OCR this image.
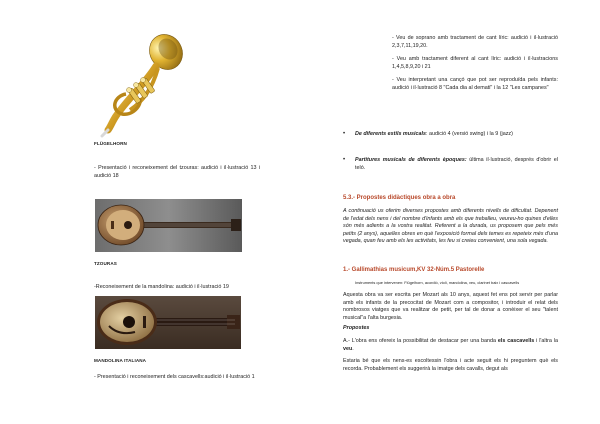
FLÜGELHORN

- Presentació i reconeixement del tzouras: audició i il·lustració 13 i audició 18

TZOURAS

-Reconeixement de la mandolina: audició i il·lustració 19

MANDOLINA ITALIANA

- Presentació i reconeixement dels cascavells:audició i il·lustració 1

- Veu de soprano amb tractament de cant líric: audició i il·lustració 2,3,7,11,19,20.

- Veu amb tractament diferent al cant líric: audició i il·lustracions 1,4,5,8,9,20 i 21

- Veu interpretant una cançó que pot ser reproduïda pels infants: audició i il·lustració 8 "Cada dia al demati" i la 12 "Les campanes"

• De diferents estils musicals: audició 4 (versió swing) i la 9 (jazz)

• Partitures musicals de diferents èpoques: última il·lustració, després d'obrir el teló.

5.3.- Propostes didàctiques obra a obra

A continuació us oferim diverses propostes amb diferents nivells de dificultat. Depenent de l'edat dels nens i del nombre d'infants amb els que treballeu, veureu-ho quines d'elles són més adients a la vostra realitat. Referent a la durada, us proposem que pels més petits (2 anys), aquelles obres en què l'exposició formal dels temes es repeteix més d'una vegada, quan feu amb els les activitats, les feu si creieu convenient, una sola vegada.

1.- Gallimathias musicum,KV 32-Núm.5 Pastorelle
Instruments que intervenen: Flügelhorn, acordió, violí, mandolina, veu, clarinet baix i cascavells

Aquesta obra va ser escrita per Mozart als 10 anys, aquest fet ens pot servir per parlar amb els infants de la precocitat de Mozart com a compositor, i introduir el relat dels nombrosos viatges que va realitzar de petit, per tal de donar a conèixer el seu "talent musical"a l'alta burgesia.

Propostes

A.- L'obra ens ofereix la possibilitat de destacar per una banda els cascavells i l'altra la veu.

Estaria bé que els nens-es escoltessin l'obra i acte seguit els hi preguntem què els recorda. Probablement els suggerirà la imatge dels cavalls, degut als
